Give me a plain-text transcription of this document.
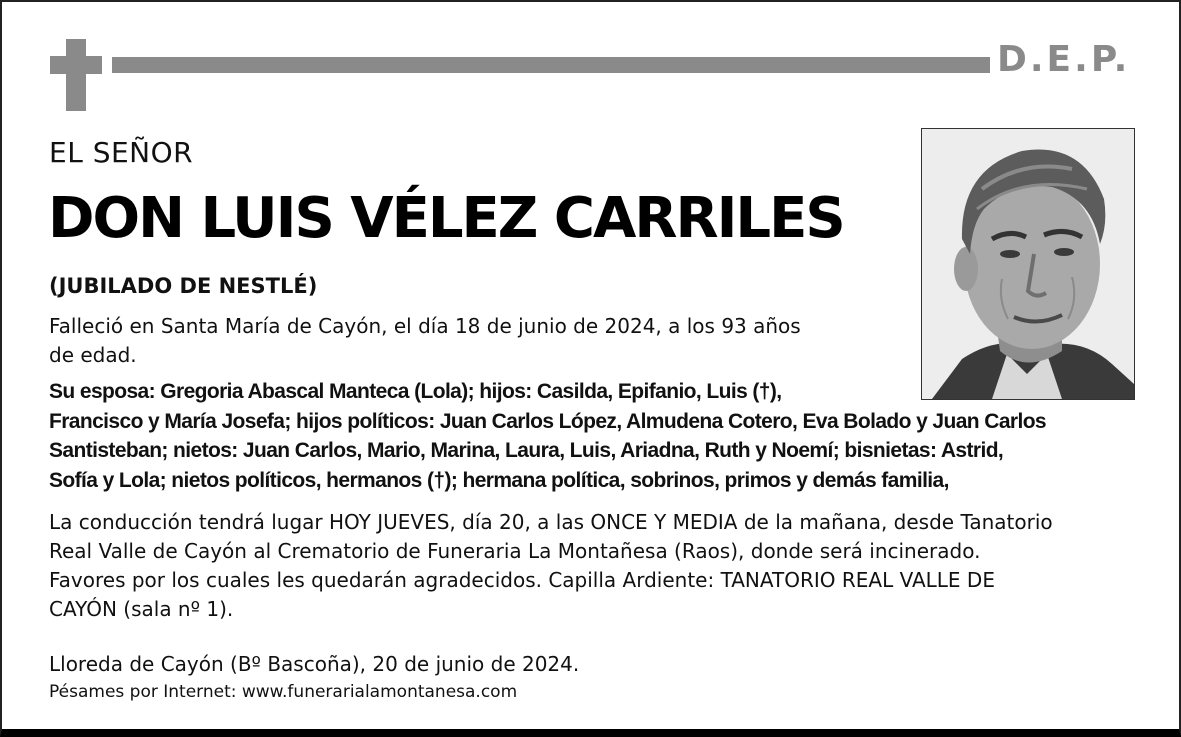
D.E.P.
EL SEÑOR
DON LUIS VÉLEZ CARRILES
(JUBILADO DE NESTLÉ)
Falleció en Santa María de Cayón, el día 18 de junio de 2024, a los 93 años
de edad.
Su esposa: Gregoria Abascal Manteca (Lola); hijos: Casilda, Epifanio, Luis (†),
Francisco y María Josefa; hijos políticos: Juan Carlos López, Almudena Cotero, Eva Bolado y Juan Carlos
Santisteban; nietos: Juan Carlos, Mario, Marina, Laura, Luis, Ariadna, Ruth y Noemí; bisnietas: Astrid,
Sofía y Lola; nietos políticos, hermanos (†); hermana política, sobrinos, primos y demás familia,
La conducción tendrá lugar HOY JUEVES, día 20, a las ONCE Y MEDIA de la mañana, desde Tanatorio
Real Valle de Cayón al Crematorio de Funeraria La Montañesa (Raos), donde será incinerado.
Favores por los cuales les quedarán agradecidos. Capilla Ardiente: TANATORIO REAL VALLE DE
CAYÓN (sala nº 1).
Lloreda de Cayón (Bº Bascoña), 20 de junio de 2024.
Pésames por Internet: www.funerarialamontanesa.com
